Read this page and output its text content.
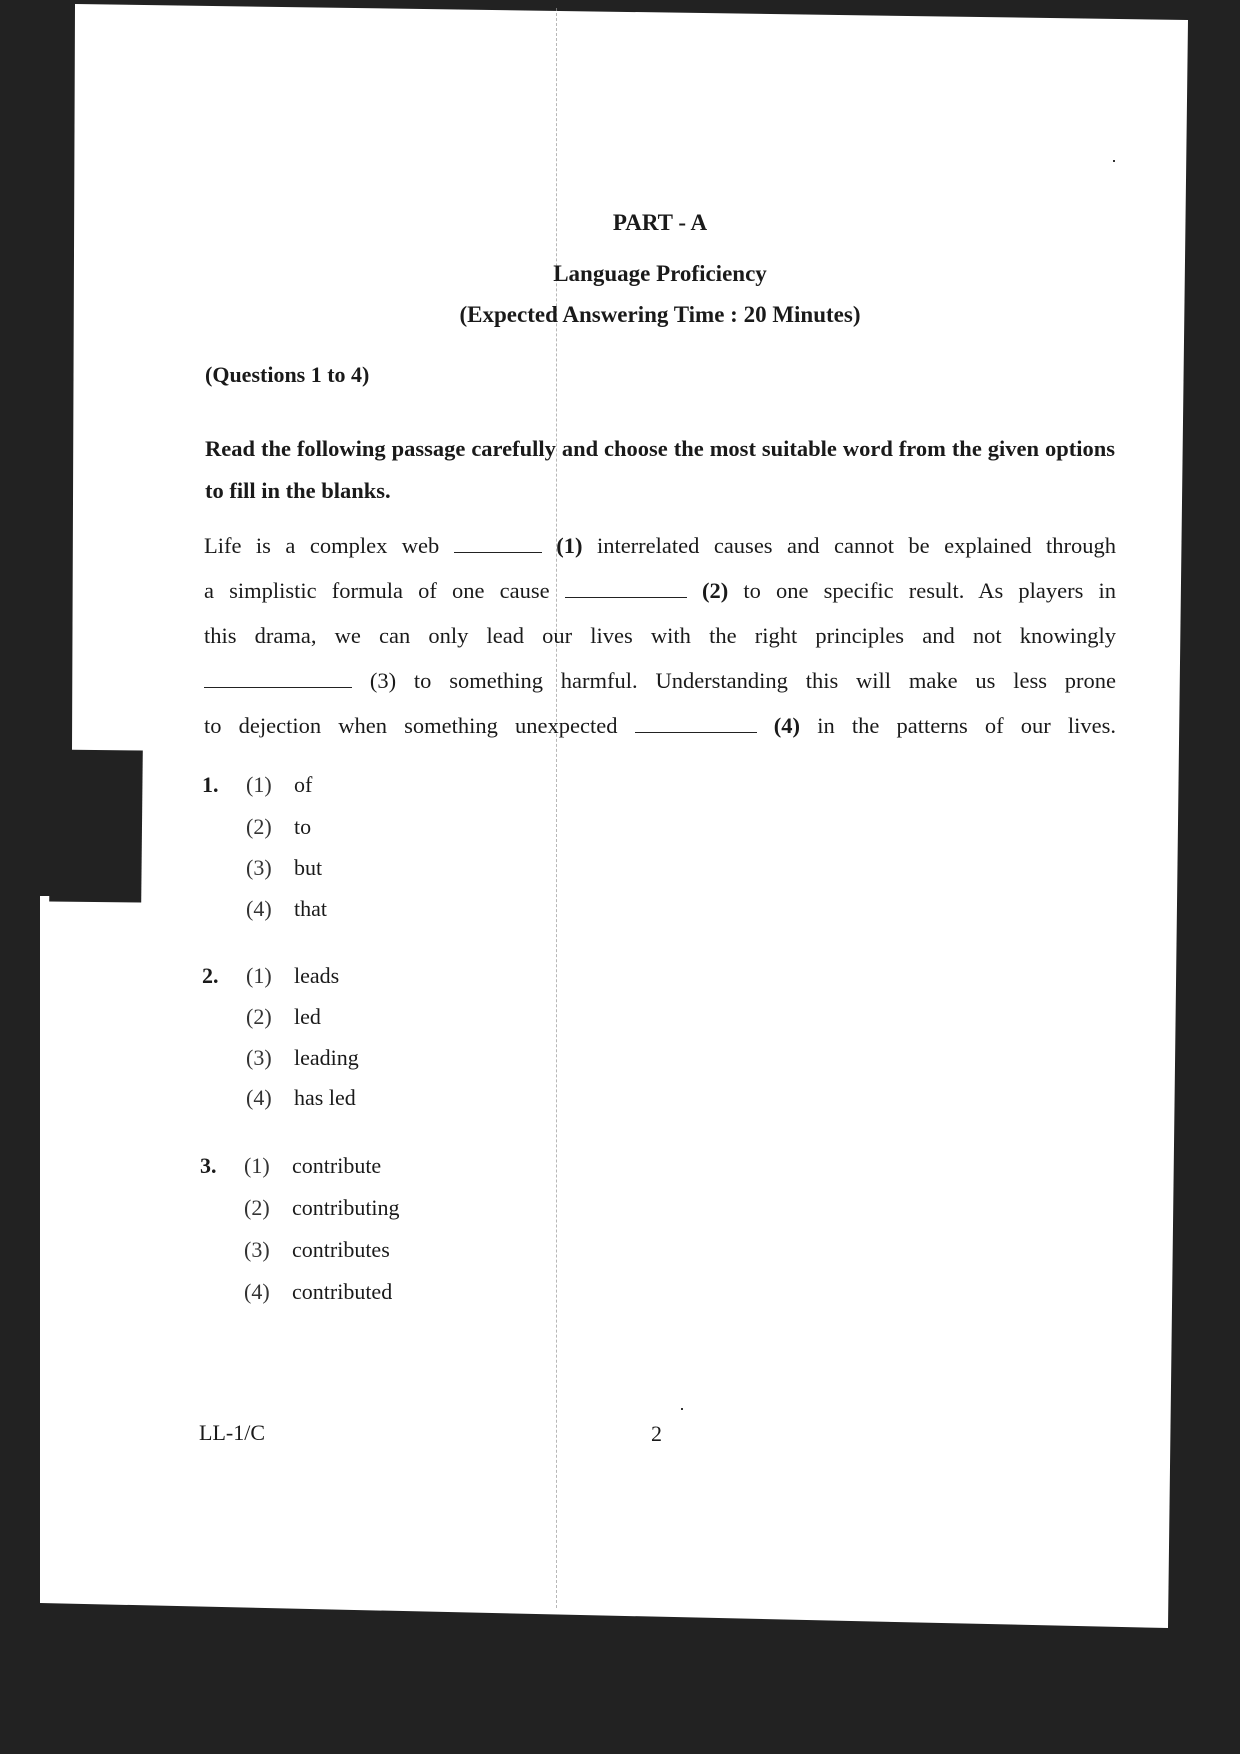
PART - A
Language Proficiency
(Expected Answering Time : 20 Minutes)
(Questions 1 to 4)
Read the following passage carefully and choose the most suitable word from the given options to fill in the blanks.
Life is a complex web	(1) interrelated causes and cannot be explained through
a simplistic formula of one cause	(2) to one specific result. As players in
this drama, we can only lead our lives with the right principles and not knowingly
(3) to something harmful. Understanding this will make us less prone
to dejection when something unexpected	(4) in the patterns of our lives.
1. (1) of
(2) to
(3) but
(4) that
2. (1) leads
(2) led
(3) leading
(4) has led
3. (1) contribute
(2) contributing
(3) contributes
(4) contributed
LL-1/C	2
